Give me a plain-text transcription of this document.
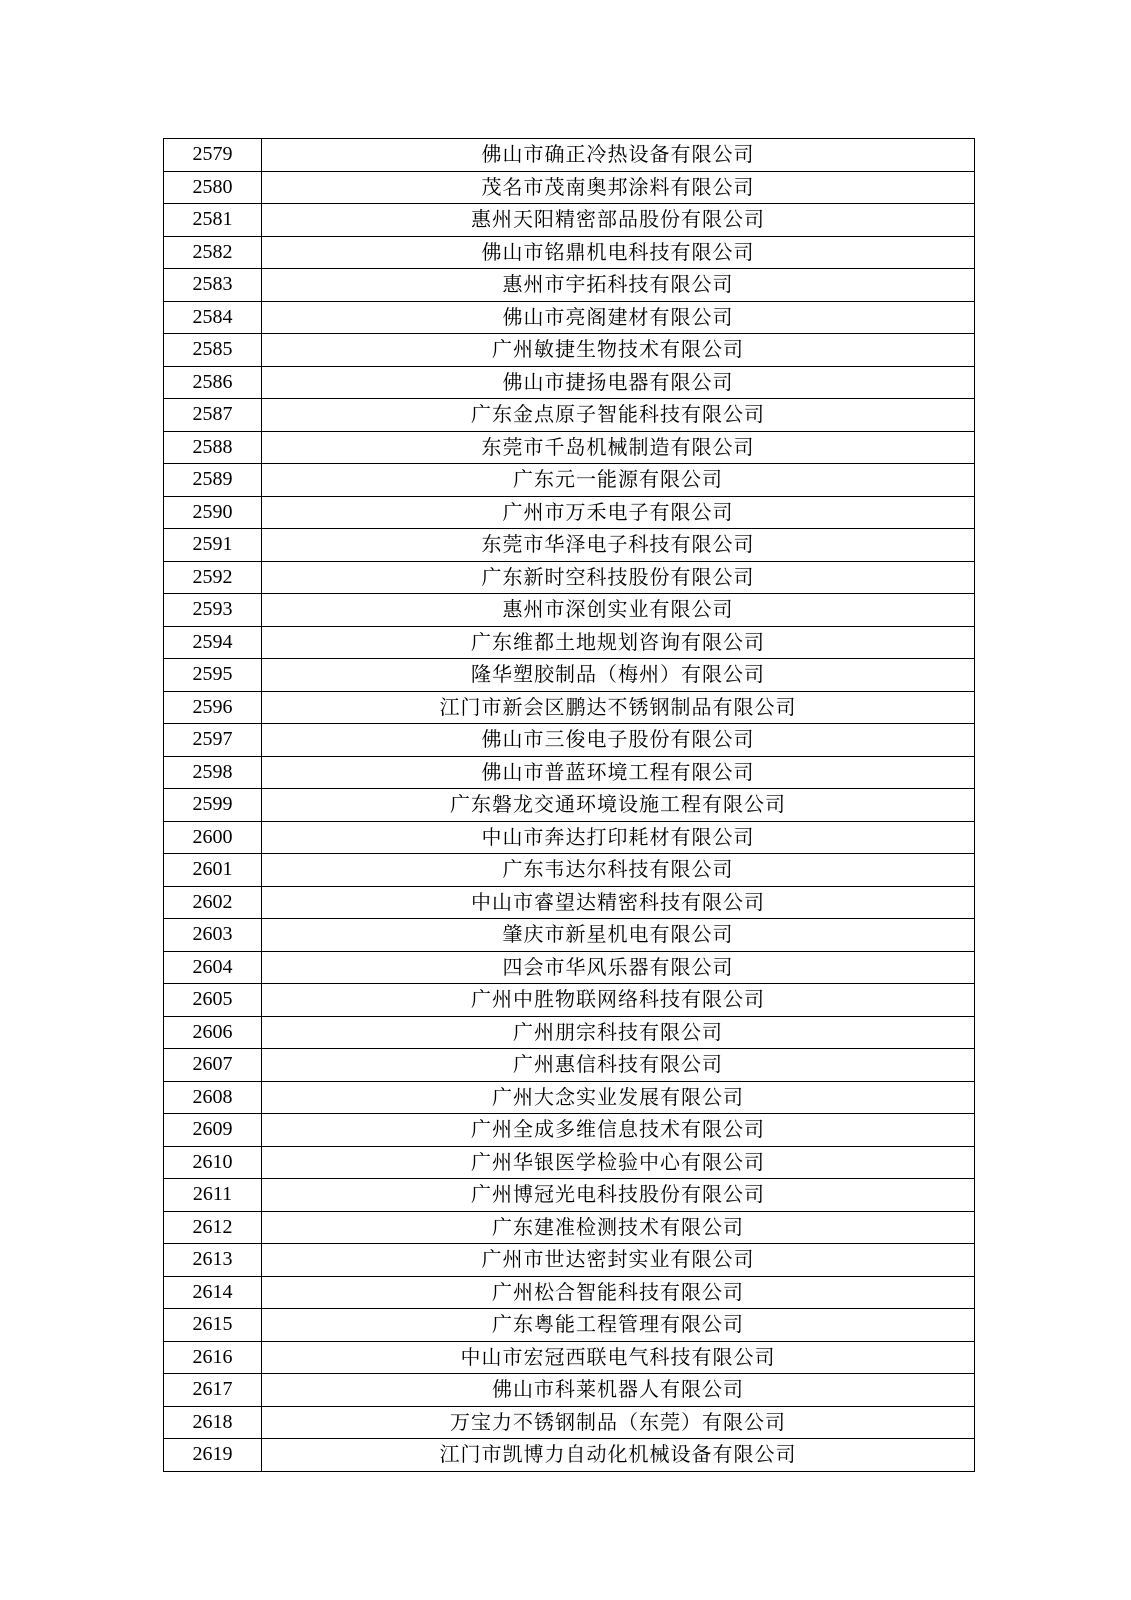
2579	佛山市确正冷热设备有限公司
2580	茂名市茂南奥邦涂料有限公司
2581	惠州天阳精密部品股份有限公司
2582	佛山市铭鼎机电科技有限公司
2583	惠州市宇拓科技有限公司
2584	佛山市亮阁建材有限公司
2585	广州敏捷生物技术有限公司
2586	佛山市捷扬电器有限公司
2587	广东金点原子智能科技有限公司
2588	东莞市千岛机械制造有限公司
2589	广东元一能源有限公司
2590	广州市万禾电子有限公司
2591	东莞市华泽电子科技有限公司
2592	广东新时空科技股份有限公司
2593	惠州市深创实业有限公司
2594	广东维都土地规划咨询有限公司
2595	隆华塑胶制品（梅州）有限公司
2596	江门市新会区鹏达不锈钢制品有限公司
2597	佛山市三俊电子股份有限公司
2598	佛山市普蓝环境工程有限公司
2599	广东磐龙交通环境设施工程有限公司
2600	中山市奔达打印耗材有限公司
2601	广东韦达尔科技有限公司
2602	中山市睿望达精密科技有限公司
2603	肇庆市新星机电有限公司
2604	四会市华风乐器有限公司
2605	广州中胜物联网络科技有限公司
2606	广州朋宗科技有限公司
2607	广州惠信科技有限公司
2608	广州大念实业发展有限公司
2609	广州全成多维信息技术有限公司
2610	广州华银医学检验中心有限公司
2611	广州博冠光电科技股份有限公司
2612	广东建准检测技术有限公司
2613	广州市世达密封实业有限公司
2614	广州松合智能科技有限公司
2615	广东粤能工程管理有限公司
2616	中山市宏冠西联电气科技有限公司
2617	佛山市科莱机器人有限公司
2618	万宝力不锈钢制品（东莞）有限公司
2619	江门市凯博力自动化机械设备有限公司
